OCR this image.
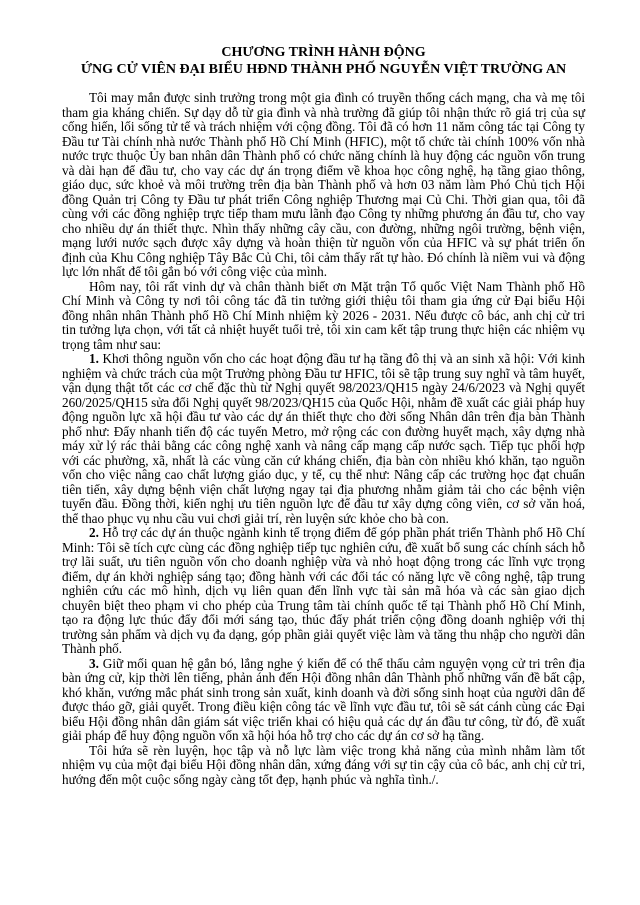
CHƯƠNG TRÌNH HÀNH ĐỘNG
ỨNG CỬ VIÊN ĐẠI BIỂU HĐND THÀNH PHỐ NGUYỄN VIỆT TRƯỜNG AN

Tôi may mắn được sinh trưởng trong một gia đình có truyền thống cách mạng, cha và mẹ tôi tham gia kháng chiến. Sự dạy dỗ từ gia đình và nhà trường đã giúp tôi nhận thức rõ giá trị của sự cống hiến, lối sống tử tế và trách nhiệm với cộng đồng. Tôi đã có hơn 11 năm công tác tại Công ty Đầu tư Tài chính nhà nước Thành phố Hồ Chí Minh (HFIC), một tổ chức tài chính 100% vốn nhà nước trực thuộc Ủy ban nhân dân Thành phố có chức năng chính là huy động các nguồn vốn trung và dài hạn để đầu tư, cho vay các dự án trọng điểm về khoa học công nghệ, hạ tầng giao thông, giáo dục, sức khoẻ và môi trường trên địa bàn Thành phố và hơn 03 năm làm Phó Chủ tịch Hội đồng Quản trị Công ty Đầu tư phát triển Công nghiệp Thương mại Củ Chi. Thời gian qua, tôi đã cùng với các đồng nghiệp trực tiếp tham mưu lãnh đạo Công ty những phương án đầu tư, cho vay cho nhiều dự án thiết thực. Nhìn thấy những cây cầu, con đường, những ngôi trường, bệnh viện, mạng lưới nước sạch được xây dựng và hoàn thiện từ nguồn vốn của HFIC và sự phát triển ổn định của Khu Công nghiệp Tây Bắc Củ Chi, tôi cảm thấy rất tự hào. Đó chính là niềm vui và động lực lớn nhất để tôi gắn bó với công việc của mình.

Hôm nay, tôi rất vinh dự và chân thành biết ơn Mặt trận Tổ quốc Việt Nam Thành phố Hồ Chí Minh và Công ty nơi tôi công tác đã tin tưởng giới thiệu tôi tham gia ứng cử Đại biểu Hội đồng nhân nhân Thành phố Hồ Chí Minh nhiệm kỳ 2026 - 2031. Nếu được cô bác, anh chị cử tri tin tưởng lựa chọn, với tất cả nhiệt huyết tuổi trẻ, tôi xin cam kết tập trung thực hiện các nhiệm vụ trọng tâm như sau:

1. Khơi thông nguồn vốn cho các hoạt động đầu tư hạ tầng đô thị và an sinh xã hội: Với kinh nghiệm và chức trách của một Trưởng phòng Đầu tư HFIC, tôi sẽ tập trung suy nghĩ và tâm huyết, vận dụng thật tốt các cơ chế đặc thù từ Nghị quyết 98/2023/QH15 ngày 24/6/2023 và Nghị quyết 260/2025/QH15 sửa đổi Nghị quyết 98/2023/QH15 của Quốc Hội, nhằm đề xuất các giải pháp huy động nguồn lực xã hội đầu tư vào các dự án thiết thực cho đời sống Nhân dân trên địa bàn Thành phố như: Đẩy nhanh tiến độ các tuyến Metro, mở rộng các con đường huyết mạch, xây dựng nhà máy xử lý rác thải bằng các công nghệ xanh và nâng cấp mạng cấp nước sạch. Tiếp tục phối hợp với các phường, xã, nhất là các vùng căn cứ kháng chiến, địa bàn còn nhiều khó khăn, tạo nguồn vốn cho việc nâng cao chất lượng giáo dục, y tế, cụ thể như: Nâng cấp các trường học đạt chuẩn tiên tiến, xây dựng bệnh viện chất lượng ngay tại địa phương nhằm giảm tải cho các bệnh viện tuyến đầu. Đồng thời, kiến nghị ưu tiên nguồn lực để đầu tư xây dựng công viên, cơ sở văn hoá, thể thao phục vụ nhu cầu vui chơi giải trí, rèn luyện sức khỏe cho bà con.

2. Hỗ trợ các dự án thuộc ngành kinh tế trọng điểm để góp phần phát triển Thành phố Hồ Chí Minh: Tôi sẽ tích cực cùng các đồng nghiệp tiếp tục nghiên cứu, đề xuất bổ sung các chính sách hỗ trợ lãi suất, ưu tiên nguồn vốn cho doanh nghiệp vừa và nhỏ hoạt động trong các lĩnh vực trọng điểm, dự án khởi nghiệp sáng tạo; đồng hành với các đối tác có năng lực về công nghệ, tập trung nghiên cứu các mô hình, dịch vụ liên quan đến lĩnh vực tài sản mã hóa và các sàn giao dịch chuyên biệt theo phạm vi cho phép của Trung tâm tài chính quốc tế tại Thành phố Hồ Chí Minh, tạo ra động lực thúc đẩy đổi mới sáng tạo, thúc đẩy phát triển cộng đồng doanh nghiệp với thị trường sản phẩm và dịch vụ đa dạng, góp phần giải quyết việc làm và tăng thu nhập cho người dân Thành phố.

3. Giữ mối quan hệ gắn bó, lắng nghe ý kiến để có thể thấu cảm nguyện vọng cử tri trên địa bàn ứng cử, kịp thời lên tiếng, phản ánh đến Hội đồng nhân dân Thành phố những vấn đề bất cập, khó khăn, vướng mắc phát sinh trong sản xuất, kinh doanh và đời sống sinh hoạt của người dân để được tháo gỡ, giải quyết. Trong điều kiện công tác về lĩnh vực đầu tư, tôi sẽ sát cánh cùng các Đại biểu Hội đồng nhân dân giám sát việc triển khai có hiệu quả các dự án đầu tư công, từ đó, đề xuất giải pháp để huy động nguồn vốn xã hội hóa hỗ trợ cho các dự án cơ sở hạ tầng.

Tôi hứa sẽ rèn luyện, học tập và nỗ lực làm việc trong khả năng của mình nhằm làm tốt nhiệm vụ của một đại biểu Hội đồng nhân dân, xứng đáng với sự tin cậy của cô bác, anh chị cử tri, hướng đến một cuộc sống ngày càng tốt đẹp, hạnh phúc và nghĩa tình./.
